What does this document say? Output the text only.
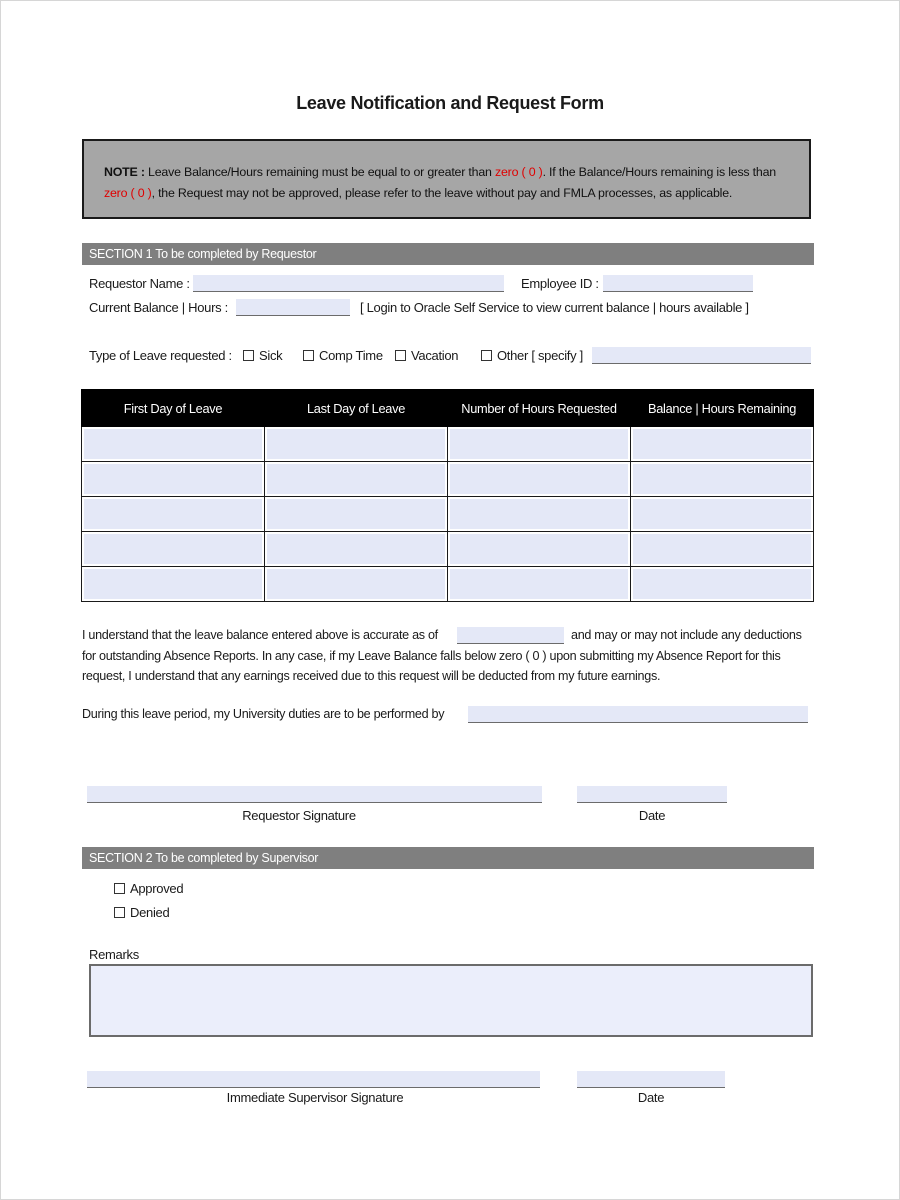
Leave Notification and Request Form
NOTE : Leave Balance/Hours remaining must be equal to or greater than zero ( 0 ). If the Balance/Hours remaining is less than zero ( 0 ), the Request may not be approved, please refer to the leave without pay and FMLA processes, as applicable.
SECTION 1 To be completed by Requestor
Requestor Name :	Employee ID :
Current Balance | Hours :	[ Login to Oracle Self Service to view current balance | hours available ]
Type of Leave requested :	Sick	Comp Time	Vacation	Other [ specify ]
First Day of Leave	Last Day of Leave	Number of Hours Requested	Balance | Hours Remaining

I understand that the leave balance entered above is accurate as of	and may or may not include any deductions
for outstanding Absence Reports. In any case, if my Leave Balance falls below zero ( 0 ) upon submitting my Absence Report for this
request, I understand that any earnings received due to this request will be deducted from my future earnings.
During this leave period, my University duties are to be performed by
Requestor Signature	Date
SECTION 2 To be completed by Supervisor
Approved
Denied
Remarks
Immediate Supervisor Signature	Date
